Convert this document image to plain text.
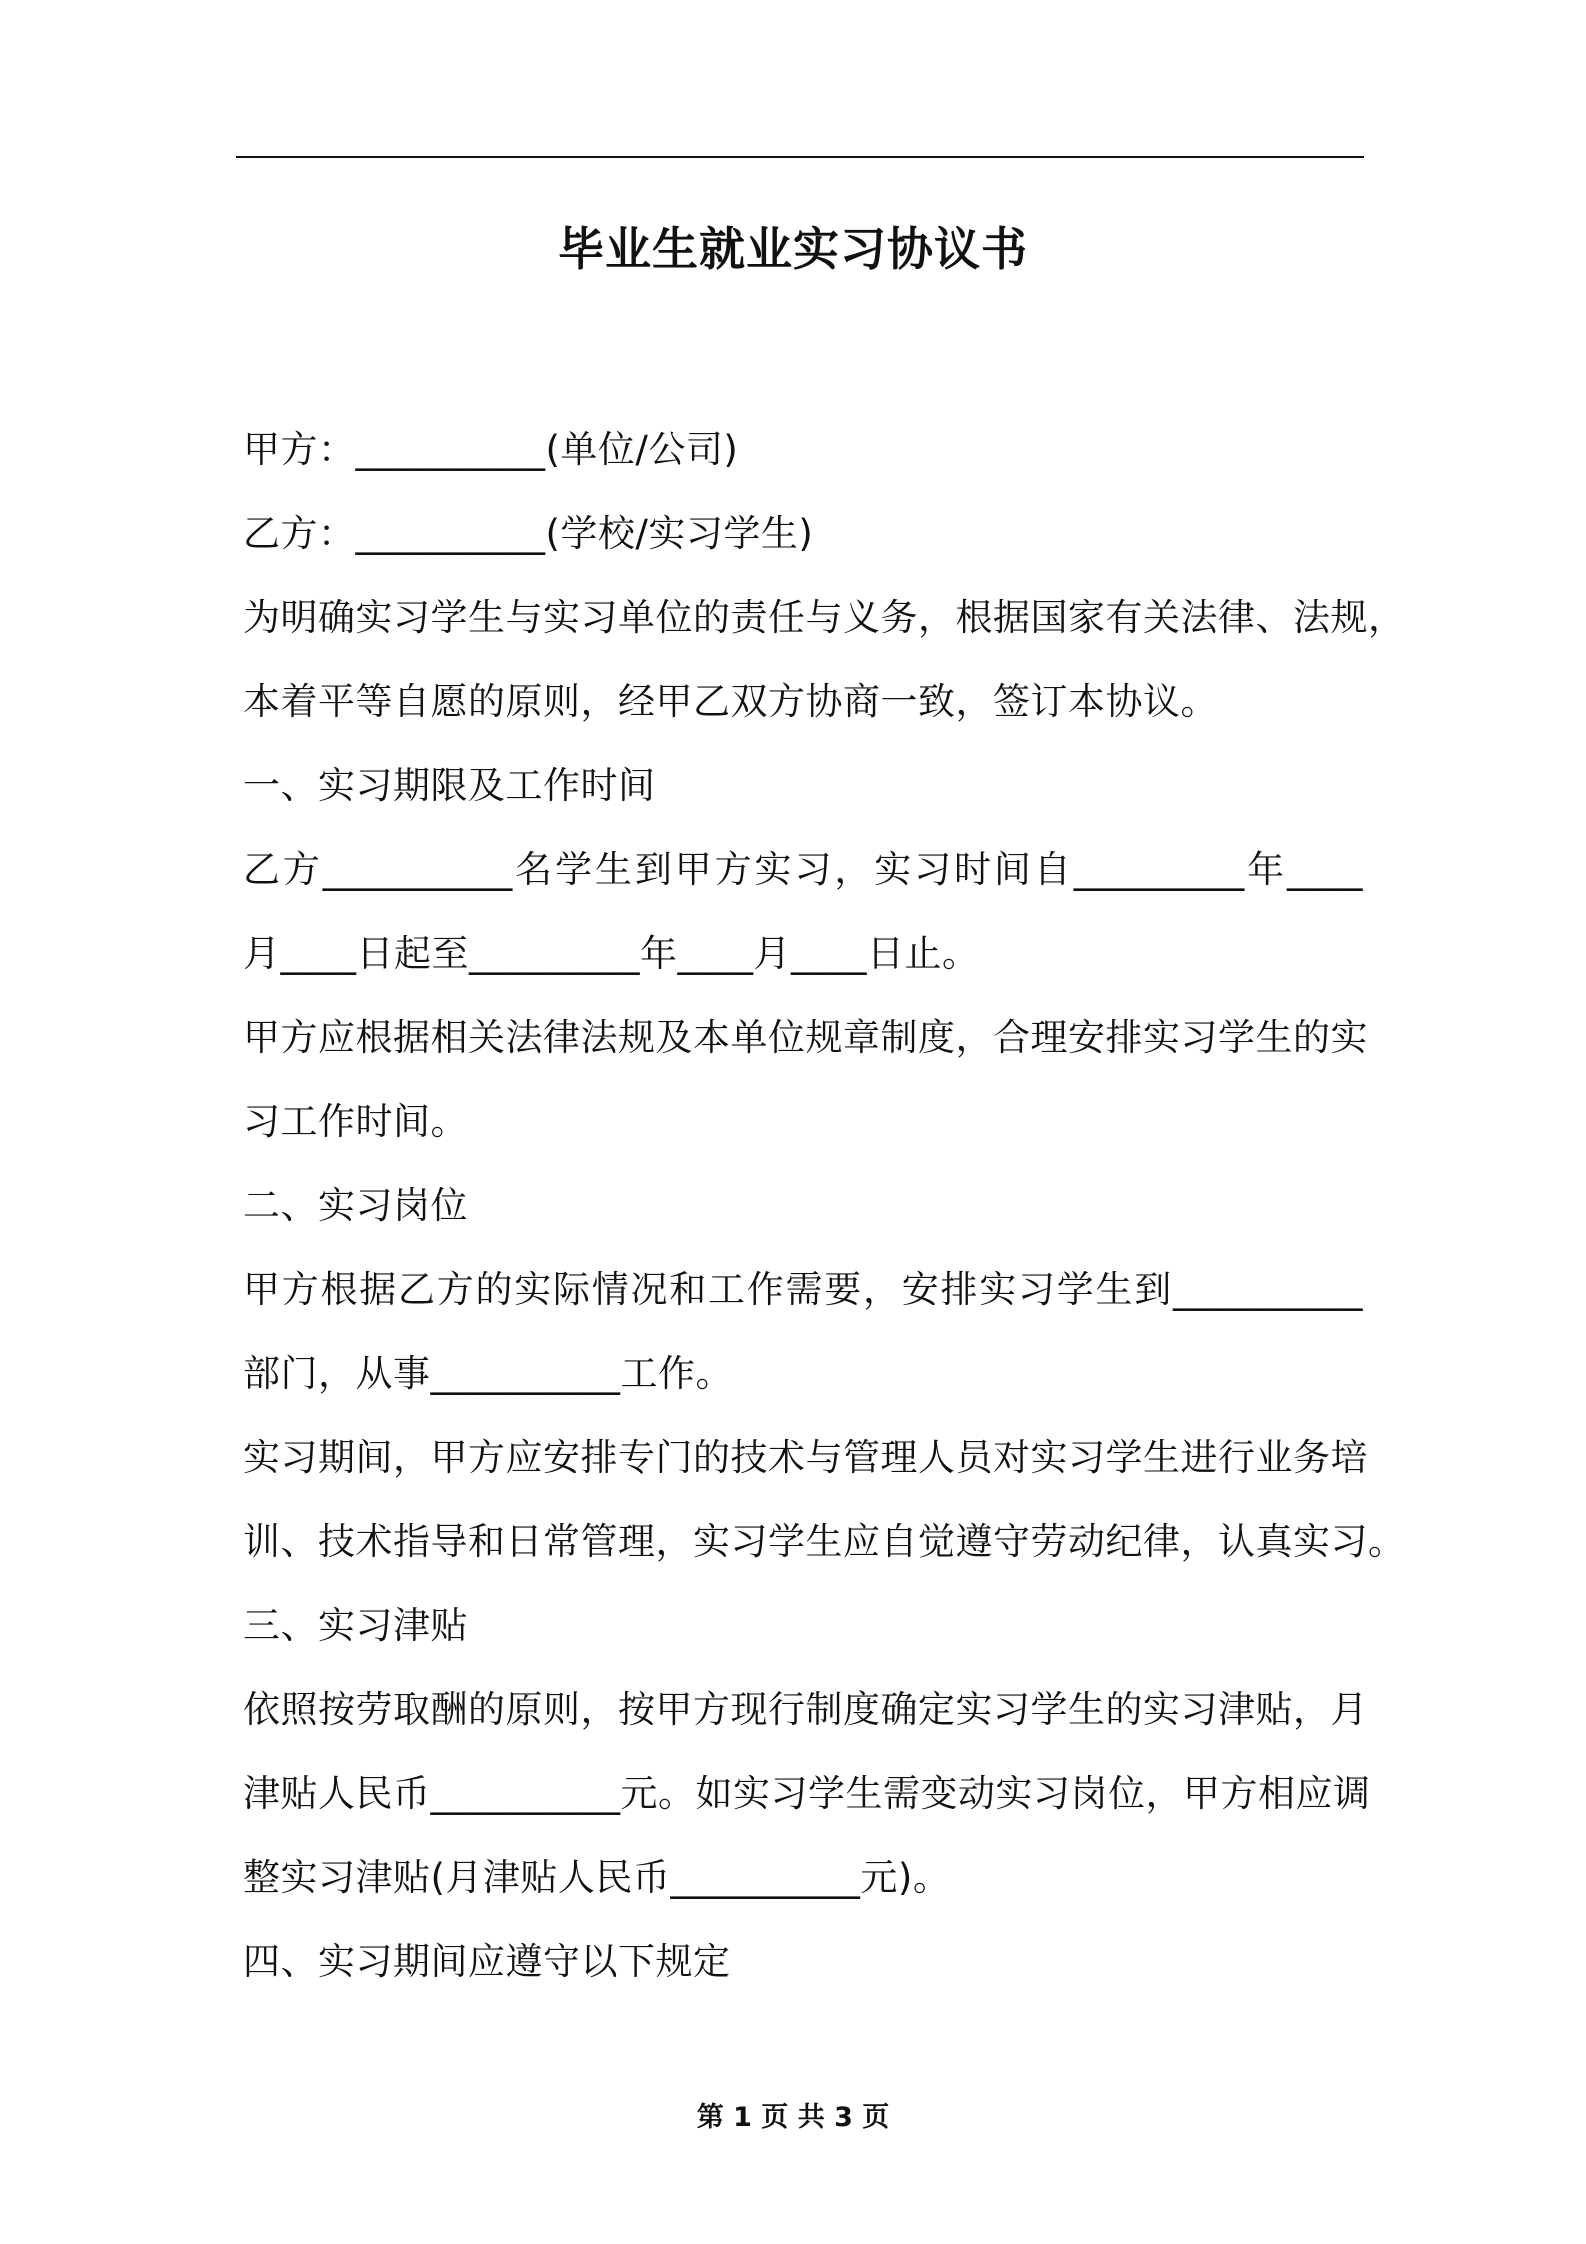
毕业生就业实习协议书
甲方：__________(单位/公司)
乙方：__________(学校/实习学生)
为明确实习学生与实习单位的责任与义务，根据国家有关法律、法规，
本着平等自愿的原则，经甲乙双方协商一致，签订本协议。
一、实习期限及工作时间
乙方__________名学生到甲方实习，实习时间自_________年____
月____日起至_________年____月____日止。
甲方应根据相关法律法规及本单位规章制度，合理安排实习学生的实
习工作时间。
二、实习岗位
甲方根据乙方的实际情况和工作需要，安排实习学生到__________
部门，从事__________工作。
实习期间，甲方应安排专门的技术与管理人员对实习学生进行业务培
训、技术指导和日常管理，实习学生应自觉遵守劳动纪律，认真实习。
三、实习津贴
依照按劳取酬的原则，按甲方现行制度确定实习学生的实习津贴，月
津贴人民币__________元。如实习学生需变动实习岗位，甲方相应调
整实习津贴(月津贴人民币__________元)。
四、实习期间应遵守以下规定
第 1 页 共 3 页
